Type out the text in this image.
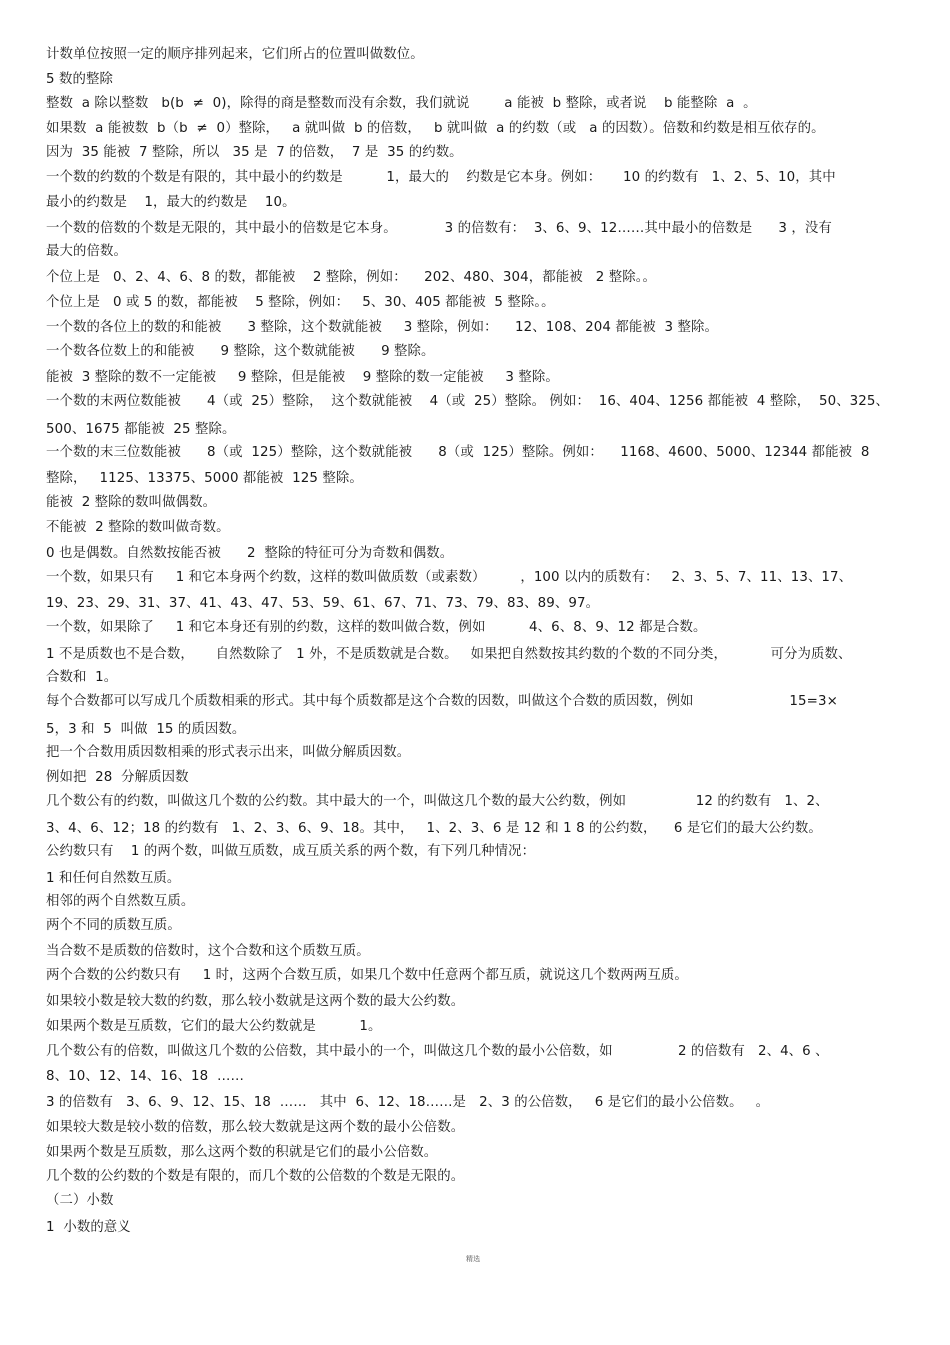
计数单位按照一定的顺序排列起来，它们所占的位置叫做数位。
5 数的整除
整数  a 除以整数   b(b  ≠  0)，除得的商是整数而没有余数，我们就说        a 能被  b 整除，或者说    b 能整除  a  。
如果数  a 能被数  b（b  ≠  0）整除，   a 就叫做  b 的倍数，   b 就叫做  a 的约数（或   a 的因数）。倍数和约数是相互依存的。
因为  35 能被  7 整除，所以   35 是  7 的倍数，  7 是  35 的约数。
一个数的约数的个数是有限的，其中最小的约数是          1，最大的    约数是它本身。例如：     10 的约数有   1、2、5、10，其中
最小的约数是    1，最大的约数是    10。
一个数的倍数的个数是无限的，其中最小的倍数是它本身。           3 的倍数有：  3、6、9、12……其中最小的倍数是      3 ，没有
最大的倍数。
个位上是   0、2、4、6、8 的数，都能被    2 整除，例如：    202、480、304，都能被   2 整除。。
个位上是   0 或 5 的数，都能被    5 整除，例如：   5、30、405 都能被  5 整除。。
一个数的各位上的数的和能被      3 整除，这个数就能被     3 整除，例如：    12、108、204 都能被  3 整除。
一个数各位数上的和能被      9 整除，这个数就能被      9 整除。
能被  3 整除的数不一定能被     9 整除，但是能被    9 整除的数一定能被     3 整除。
一个数的末两位数能被      4（或  25）整除，  这个数就能被    4（或  25）整除。 例如：  16、404、1256 都能被  4 整除，  50、325、
500、1675 都能被  25 整除。
一个数的末三位数能被      8（或  125）整除，这个数就能被      8（或  125）整除。例如：    1168、4600、5000、12344 都能被  8
整除，   1125、13375、5000 都能被  125 整除。
能被  2 整除的数叫做偶数。
不能被  2 整除的数叫做奇数。
0 也是偶数。自然数按能否被      2  整除的特征可分为奇数和偶数。
一个数，如果只有     1 和它本身两个约数，这样的数叫做质数（或素数）        ，100 以内的质数有：   2、3、5、7、11、13、17、
19、23、29、31、37、41、43、47、53、59、61、67、71、73、79、83、89、97。
一个数，如果除了     1 和它本身还有别的约数，这样的数叫做合数，例如          4、6、8、9、12 都是合数。
1 不是质数也不是合数，     自然数除了   1 外，不是质数就是合数。   如果把自然数按其约数的个数的不同分类，          可分为质数、
合数和  1。
每个合数都可以写成几个质数相乘的形式。其中每个质数都是这个合数的因数，叫做这个合数的质因数，例如                      15=3×
5，3 和  5  叫做  15 的质因数。
把一个合数用质因数相乘的形式表示出来，叫做分解质因数。
例如把  28  分解质因数
几个数公有的约数，叫做这几个数的公约数。其中最大的一个，叫做这几个数的最大公约数，例如                12 的约数有   1、2、
3、4、6、12；18 的约数有   1、2、3、6、9、18。其中，   1、2、3、6 是 12 和 1 8 的公约数，    6 是它们的最大公约数。
公约数只有    1 的两个数，叫做互质数，成互质关系的两个数，有下列几种情况：
1 和任何自然数互质。
相邻的两个自然数互质。
两个不同的质数互质。
当合数不是质数的倍数时，这个合数和这个质数互质。
两个合数的公约数只有     1 时，这两个合数互质，如果几个数中任意两个都互质，就说这几个数两两互质。
如果较小数是较大数的约数，那么较小数就是这两个数的最大公约数。
如果两个数是互质数，它们的最大公约数就是          1。
几个数公有的倍数，叫做这几个数的公倍数，其中最小的一个，叫做这几个数的最小公倍数，如               2 的倍数有   2、4、6 、
8、10、12、14、16、18  ……
3 的倍数有   3、6、9、12、15、18  ……   其中  6、12、18……是   2、3 的公倍数，   6 是它们的最小公倍数。   。
如果较大数是较小数的倍数，那么较大数就是这两个数的最小公倍数。
如果两个数是互质数，那么这两个数的积就是它们的最小公倍数。
几个数的公约数的个数是有限的，而几个数的公倍数的个数是无限的。
（二）小数
1  小数的意义
精选
